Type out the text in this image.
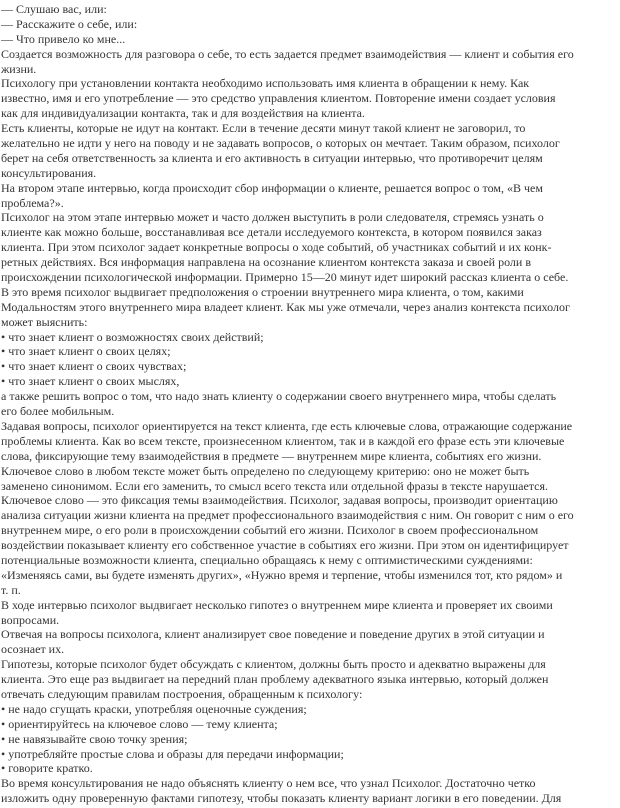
— Слушаю вас, или:
— Расскажите о себе, или:
— Что привело ко мне...
Создается возможность для разговора о себе, то есть задается предмет взаимодействия — клиент и события его
жизни.
Психологу при установлении контакта необходимо использовать имя клиента в обращении к нему. Как
известно, имя и его употребление — это средство управления клиентом. Повторение имени создает условия
как для индивидуализации контакта, так и для воздействия на клиента.
Есть клиенты, которые не идут на контакт. Если в течение десяти минут такой клиент не заговорил, то
желательно не идти у него на поводу и не задавать вопросов, о которых он мечтает. Таким образом, психолог
берет на себя ответственность за клиента и его активность в ситуации интервью, что противоречит целям
консультирования.
На втором этапе интервью, когда происходит сбор информации о клиенте, решается вопрос о том, «В чем
проблема?».
Психолог на этом этапе интервью может и часто должен выступить в роли следователя, стремясь узнать о
клиенте как можно больше, восстанавливая все детали исследуемого контекста, в котором появился заказ
клиента. При этом психолог задает конкретные вопросы о ходе событий, об участниках событий и их конк-
ретных действиях. Вся информация направлена на осознание клиентом контекста заказа и своей роли в
происхождении психологической информации. Примерно 15—20 минут идет широкий рассказ клиента о себе.
В это время психолог выдвигает предположения о строении внутреннего мира клиента, о том, какими
Модальностям этого внутреннего мира владеет клиент. Как мы уже отмечали, через анализ контекста психолог
может выяснить:
• что знает клиент о возможностях своих действий;
• что знает клиент о своих целях;
• что знает клиент о своих чувствах;
• что знает клиент о своих мыслях,
а также решить вопрос о том, что надо знать клиенту о содержании своего внутреннего мира, чтобы сделать
его более мобильным.
Задавая вопросы, психолог ориентируется на текст клиента, где есть ключевые слова, отражающие содержание
проблемы клиента. Как во всем тексте, произнесенном клиентом, так и в каждой его фразе есть эти ключевые
слова, фиксирующие тему взаимодействия в предмете — внутреннем мире клиента, событиях его жизни.
Ключевое слово в любом тексте может быть определено по следующему критерию: оно не может быть
заменено синонимом. Если его заменить, то смысл всего текста или отдельной фразы в тексте нарушается.
Ключевое слово — это фиксация темы взаимодействия. Психолог, задавая вопросы, производит ориентацию
анализа ситуации жизни клиента на предмет профессионального взаимодействия с ним. Он говорит с ним о его
внутреннем мире, о его роли в происхождении событий его жизни. Психолог в своем профессиональном
воздействии показывает клиенту его собственное участие в событиях его жизни. При этом он идентифицирует
потенциальные возможности клиента, специально обращаясь к нему с оптимистическими суждениями:
«Изменяясь сами, вы будете изменять других», «Нужно время и терпение, чтобы изменился тот, кто рядом» и
т. п.
В ходе интервью психолог выдвигает несколько гипотез о внутреннем мире клиента и проверяет их своими
вопросами.
Отвечая на вопросы психолога, клиент анализирует свое поведение и поведение других в этой ситуации и
осознает их.
Гипотезы, которые психолог будет обсуждать с клиентом, должны быть просто и адекватно выражены для
клиента. Это еще раз выдвигает на передний план проблему адекватного языка интервью, который должен
отвечать следующим правилам построения, обращенным к психологу:
• не надо сгущать краски, употребляя оценочные суждения;
• ориентируйтесь на ключевое слово — тему клиента;
• не навязывайте свою точку зрения;
• употребляйте простые слова и образы для передачи информации;
• говорите кратко.
Во время консультирования не надо объяснять клиенту о нем все, что узнал Психолог. Достаточно четко
изложить одну проверенную фактами гипотезу, чтобы показать клиенту вариант логики в его поведении. Для
